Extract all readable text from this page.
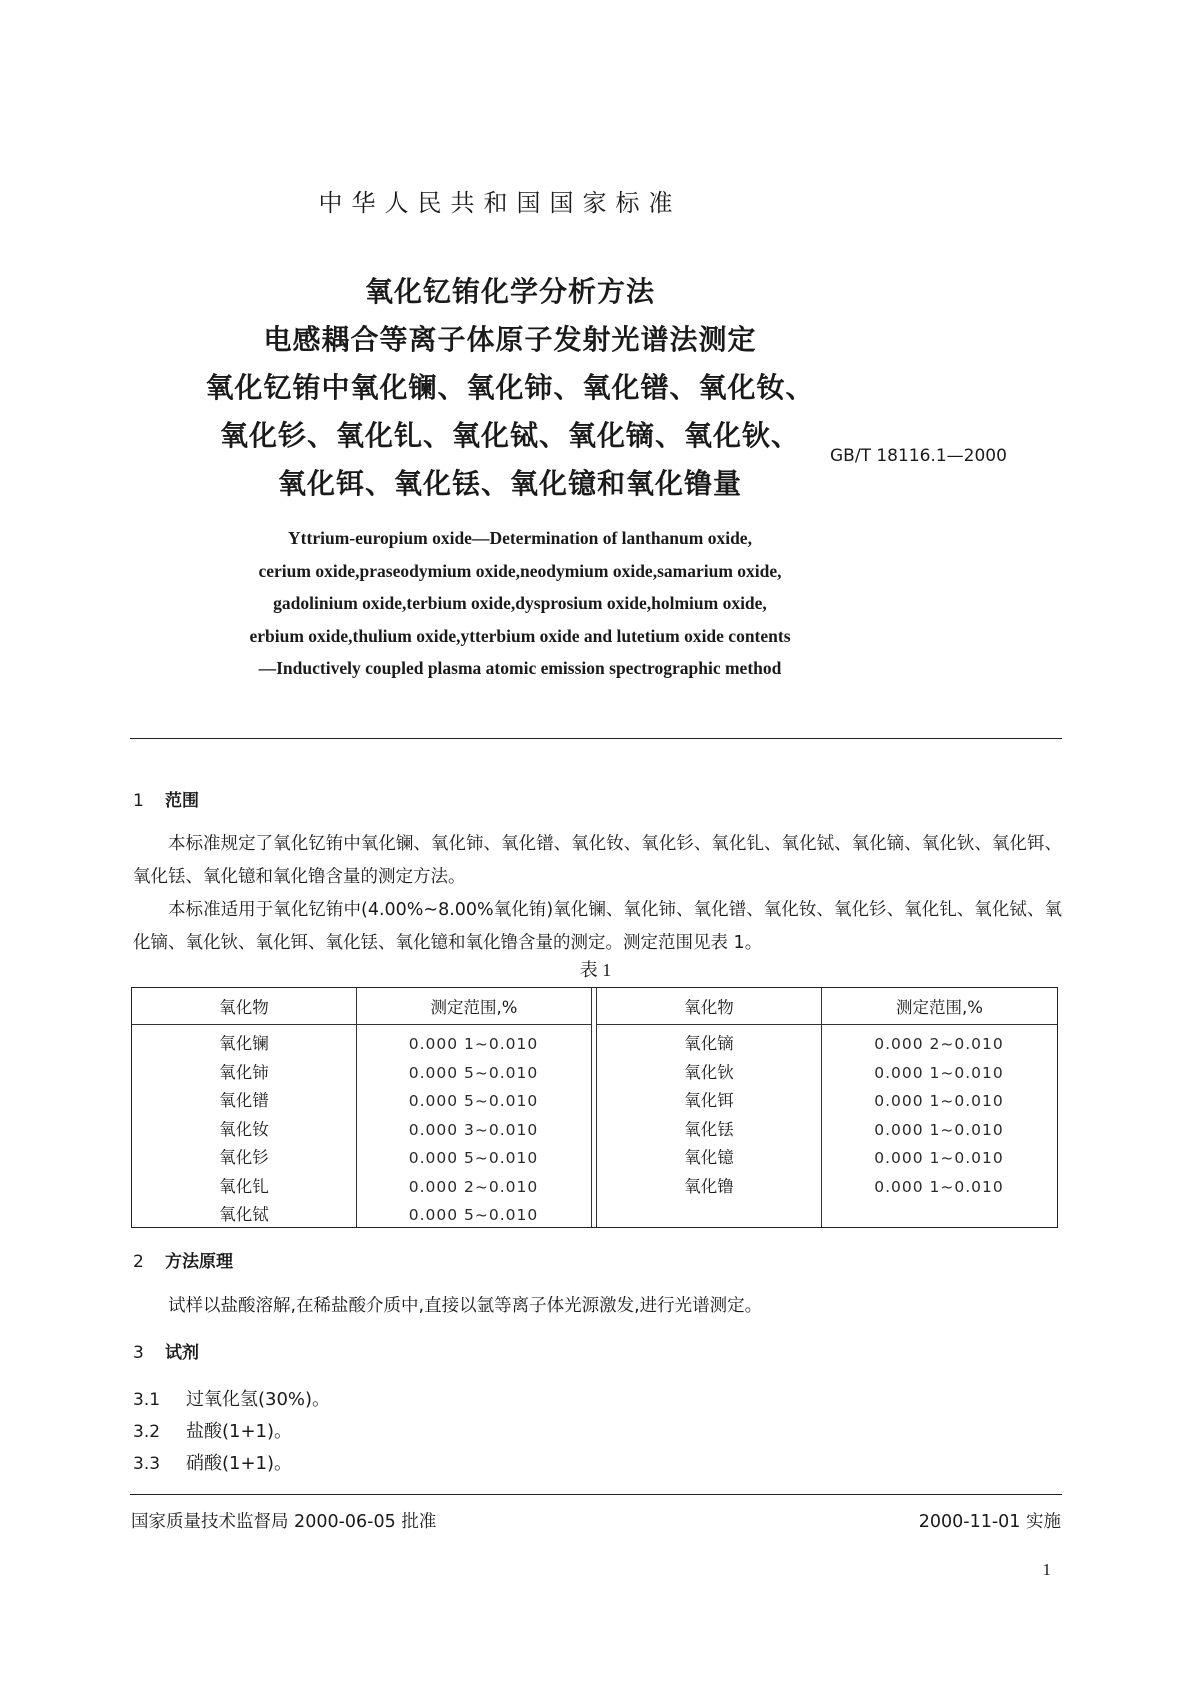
中华人民共和国国家标准
氧化钇铕化学分析方法
电感耦合等离子体原子发射光谱法测定
氧化钇铕中氧化镧、氧化铈、氧化镨、氧化钕、
氧化钐、氧化钆、氧化铽、氧化镝、氧化钬、
氧化铒、氧化铥、氧化镱和氧化镥量
GB/T 18116.1—2000
Yttrium-europium oxide—Determination of lanthanum oxide,
cerium oxide,praseodymium oxide,neodymium oxide,samarium oxide,
gadolinium oxide,terbium oxide,dysprosium oxide,holmium oxide,
erbium oxide,thulium oxide,ytterbium oxide and lutetium oxide contents
—Inductively coupled plasma atomic emission spectrographic method
1 范围
本标准规定了氧化钇铕中氧化镧、氧化铈、氧化镨、氧化钕、氧化钐、氧化钆、氧化铽、氧化镝、氧化钬、氧化铒、氧化铥、氧化镱和氧化镥含量的测定方法。
本标准适用于氧化钇铕中(4.00%~8.00%氧化铕)氧化镧、氧化铈、氧化镨、氧化钕、氧化钐、氧化钆、氧化铽、氧化镝、氧化钬、氧化铒、氧化铥、氧化镱和氧化镥含量的测定。测定范围见表 1。
表 1
氧化物	测定范围,%
氧化镧	0.000 1~0.010
氧化铈	0.000 5~0.010
氧化镨	0.000 5~0.010
氧化钕	0.000 3~0.010
氧化钐	0.000 5~0.010
氧化钆	0.000 2~0.010
氧化铽	0.000 5~0.010
氧化物	测定范围,%
氧化镝	0.000 2~0.010
氧化钬	0.000 1~0.010
氧化铒	0.000 1~0.010
氧化铥	0.000 1~0.010
氧化镱	0.000 1~0.010
氧化镥	0.000 1~0.010
2 方法原理
试样以盐酸溶解,在稀盐酸介质中,直接以氩等离子体光源激发,进行光谱测定。
3 试剂
3.1 过氧化氢(30%)。
3.2 盐酸(1+1)。
3.3 硝酸(1+1)。
国家质量技术监督局 2000-06-05 批准	2000-11-01 实施
1
